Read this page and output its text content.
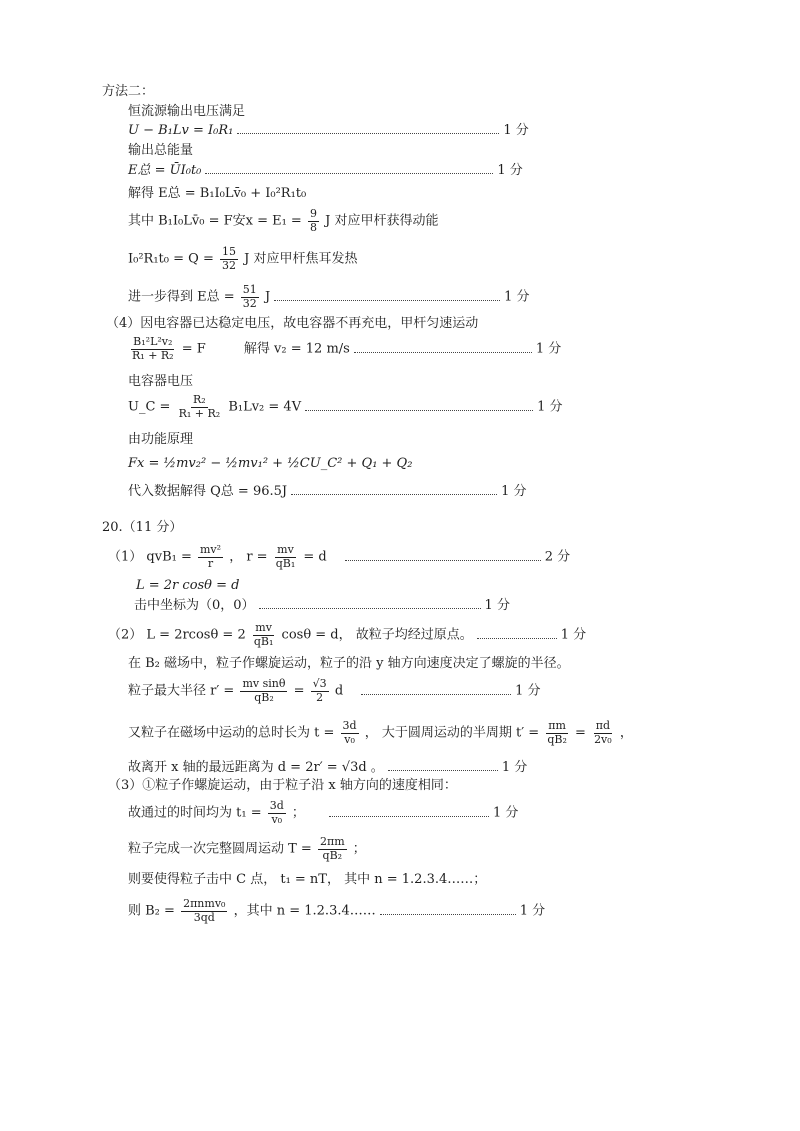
方法二：
恒流源输出电压满足
U − B₁Lv = I₀R₁	1 分
输出总能量
E总 = ŪI₀t₀	1 分
解得 E总 = B₁I₀Lv̄₀ + I₀²R₁t₀
其中 B₁I₀Lv̄₀ = F安$x = E_1 = \frac{9}{8}$ J 对应甲杆获得动能
$I_0^2R_1t_0 = Q = \frac{15}{32}$ J 对应甲杆焦耳发热
进一步得到 E总 = $\frac{51}{32}$ J	1 分
（4）因电容器已达稳定电压，故电容器不再充电，甲杆匀速运动
$\frac{\text{B₁²L²v₂}}{\text{R₁ + R₂}} = F$	解得 v₂ = 12 m/s	1 分
电容器电压
U_C = $\frac{\text{R₂}}{\text{R₁ + R₂}} B_1Lv_2 = 4V$	1 分
由功能原理
Fx = ½mv₂² − ½mv₁² + ½CU_C² + Q₁ + Q₂
代入数据解得 Q总 = 96.5J	1 分
20.（11 分）
（1） $qvB_1 = \frac{\text{mv²}}{r}$ ， $r = \frac{mv}{\text{qB₁}} = d$	2 分
L = 2r cosθ = d
击中坐标为（0，0）	1 分
（2） $L = 2rcos\theta = 2 \frac{mv}{\text{qB₁}}$ cosθ = d， 故粒子均经过原点。	1 分
在 B₂ 磁场中，粒子作螺旋运动，粒子的沿 y 轴方向速度决定了螺旋的半径。
粒子最大半径 $r' = \frac{\text{mv sinθ}}{\text{qB₂}} = \frac{√3}{2}$ d	1 分
又粒子在磁场中运动的总时长为 $t = \frac{3d}{\text{v₀}}$ ， 大于圆周运动的半周期 $t' = \frac{\pi m}{\text{qB₂}} = \frac{\pi d}{\text{2v₀}}$ ，
故离开 x 轴的最远距离为 d = 2r′ = √3d 。	1 分
（3）①粒子作螺旋运动，由于粒子沿 x 轴方向的速度相同：
故通过的时间均为 $t_1 = \frac{3d}{\text{v₀}}$ ；	1 分
粒子完成一次完整圆周运动 $T = \frac{2\pi m}{\text{qB₂}}$ ；
则要使得粒子击中 C 点， t₁ = nT， 其中 n = 1.2.3.4……；
则 $B_2 = \frac{\text{2πnmv₀}}{3qd}$ ，其中 n = 1.2.3.4……	1 分
